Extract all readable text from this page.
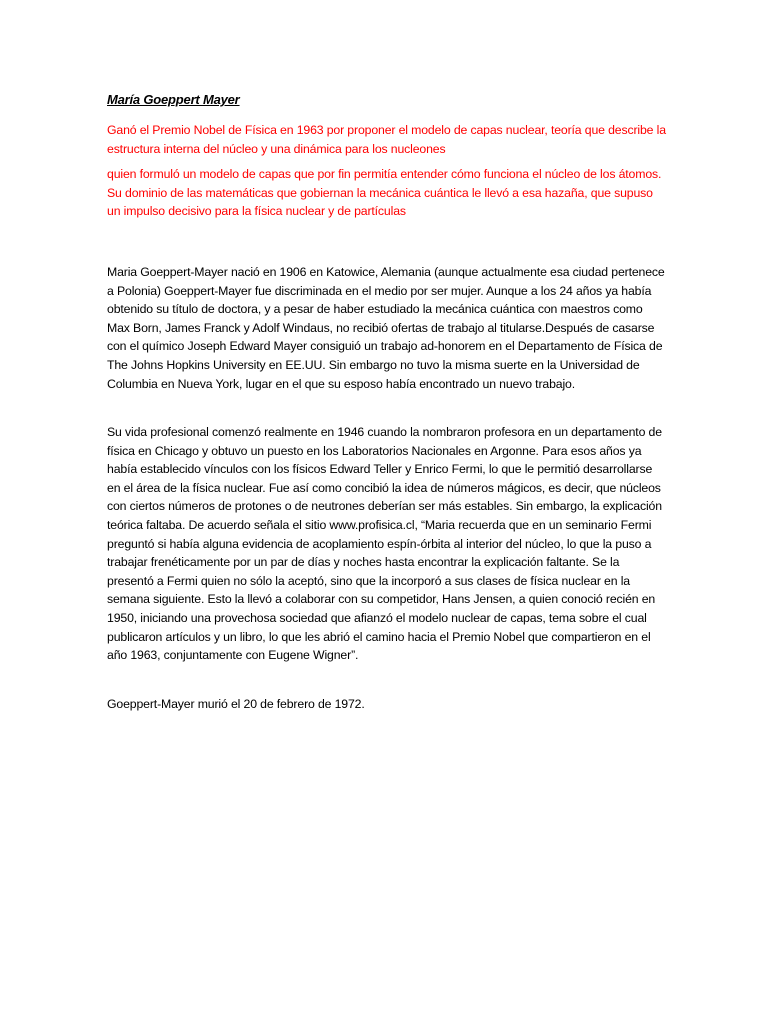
María Goeppert Mayer

Ganó el Premio Nobel de Física en 1963 por proponer el modelo de capas nuclear, teoría que describe la estructura interna del núcleo y una dinámica para los nucleones

quien formuló un modelo de capas que por fin permitía entender cómo funciona el núcleo de los átomos. Su dominio de las matemáticas que gobiernan la mecánica cuántica le llevó a esa hazaña, que supuso un impulso decisivo para la física nuclear y de partículas

Maria Goeppert-Mayer nació en 1906 en Katowice, Alemania (aunque actualmente esa ciudad pertenece a Polonia) Goeppert-Mayer fue discriminada en el medio por ser mujer. Aunque a los 24 años ya había obtenido su título de doctora, y a pesar de haber estudiado la mecánica cuántica con maestros como Max Born, James Franck y Adolf Windaus, no recibió ofertas de trabajo al titularse.Después de casarse con el químico Joseph Edward Mayer consiguió un trabajo ad-honorem en el Departamento de Física de The Johns Hopkins University en EE.UU. Sin embargo no tuvo la misma suerte en la Universidad de Columbia en Nueva York, lugar en el que su esposo había encontrado un nuevo trabajo.

Su vida profesional comenzó realmente en 1946 cuando la nombraron profesora en un departamento de física en Chicago y obtuvo un puesto en los Laboratorios Nacionales en Argonne. Para esos años ya había establecido vínculos con los físicos Edward Teller y Enrico Fermi, lo que le permitió desarrollarse en el área de la física nuclear. Fue así como concibió la idea de números mágicos, es decir, que núcleos con ciertos números de protones o de neutrones deberían ser más estables. Sin embargo, la explicación teórica faltaba. De acuerdo señala el sitio www.profisica.cl, “Maria recuerda que en un seminario Fermi preguntó si había alguna evidencia de acoplamiento espín-órbita al interior del núcleo, lo que la puso a trabajar frenéticamente por un par de días y noches hasta encontrar la explicación faltante. Se la presentó a Fermi quien no sólo la aceptó, sino que la incorporó a sus clases de física nuclear en la semana siguiente. Esto la llevó a colaborar con su competidor, Hans Jensen, a quien conoció recién en 1950, iniciando una provechosa sociedad que afianzó el modelo nuclear de capas, tema sobre el cual publicaron artículos y un libro, lo que les abrió el camino hacia el Premio Nobel que compartieron en el año 1963, conjuntamente con Eugene Wigner”.

Goeppert-Mayer murió el 20 de febrero de 1972.
